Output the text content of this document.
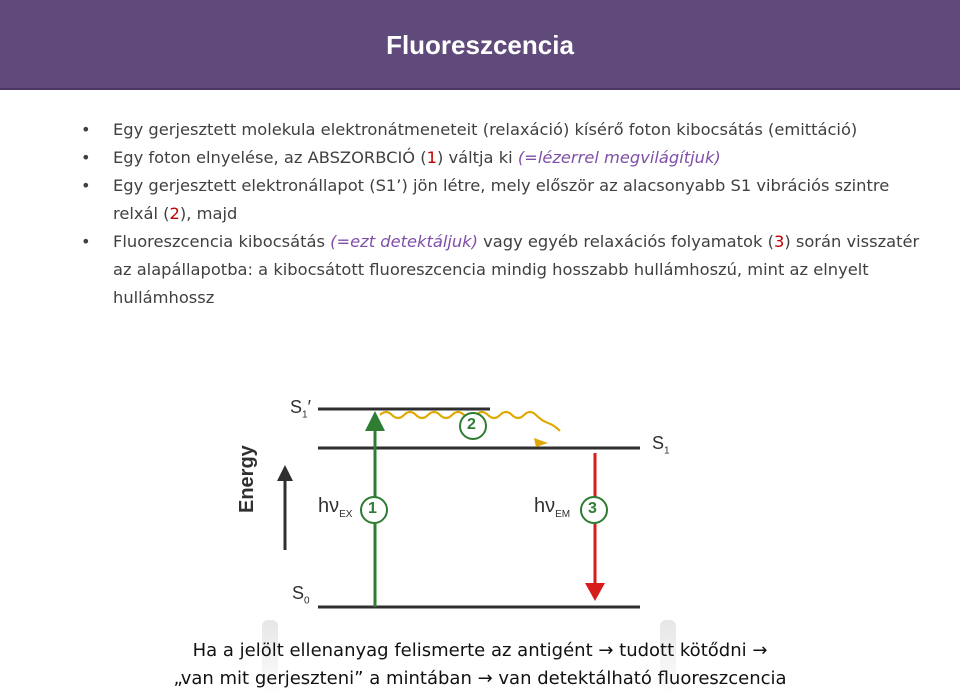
Fluoreszcencia
• Egy gerjesztett molekula elektronátmeneteit (relaxáció) kísérő foton kibocsátás (emittáció)
• Egy foton elnyelése, az ABSZORBCIÓ (1) váltja ki (=lézerrel megvilágítjuk)
• Egy gerjesztett elektronállapot (S1’) jön létre, mely először az alacsonyabb S1 vibrációs szintre relxál (2), majd
• Fluoreszcencia kibocsátás (=ezt detektáljuk) vagy egyéb relaxációs folyamatok (3) során visszatér az alapállapotba: a kibocsátott fluoreszcencia mindig hosszabb hullámhoszú, mint az elnyelt hullámhossz
$S_1'$
$S_1$
$S_0$
Energy	$h\nu_{EX}$	$h\nu_{EM}$
1
2
3
Ha a jelölt ellenanyag felismerte az antigént → tudott kötődni →
„van mit gerjeszteni” a mintában → van detektálható fluoreszcencia
